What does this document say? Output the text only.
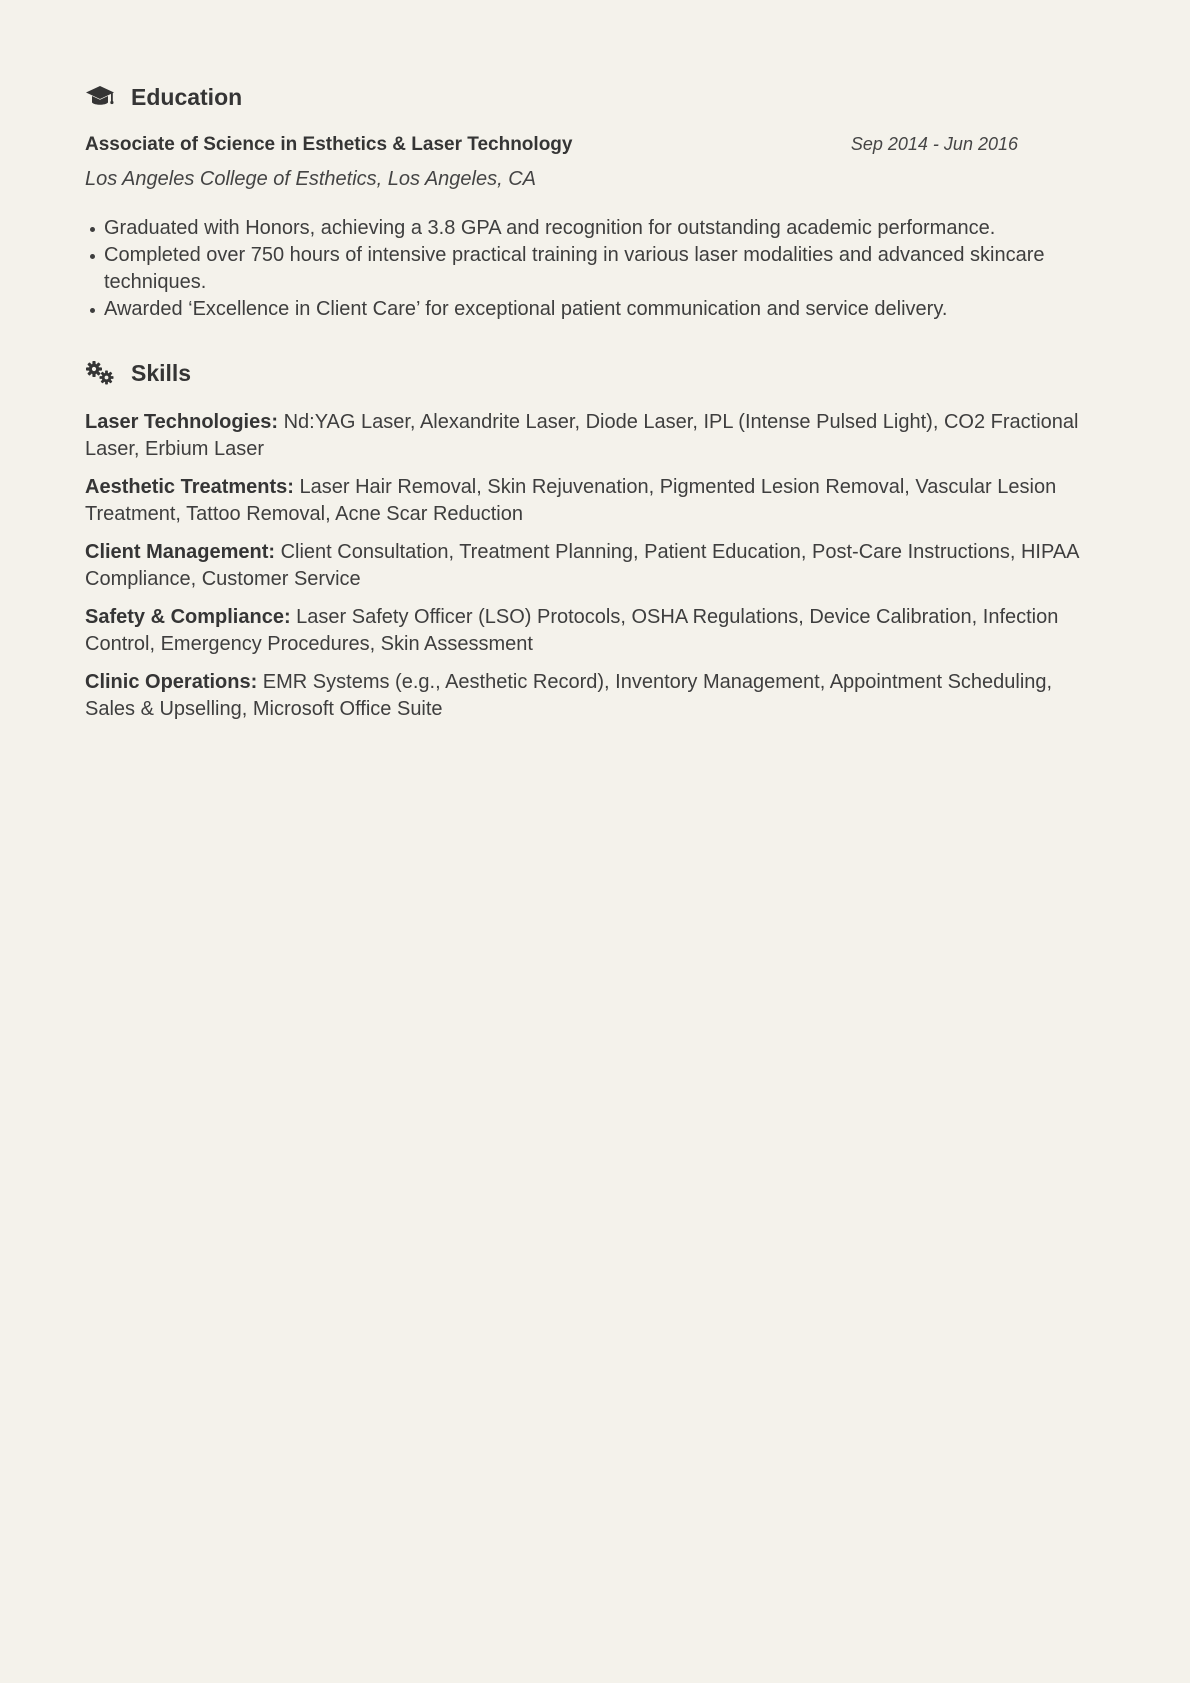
Education
Associate of Science in Esthetics & Laser Technology	Sep 2014 - Jun 2016
Los Angeles College of Esthetics, Los Angeles, CA
Graduated with Honors, achieving a 3.8 GPA and recognition for outstanding academic performance.
Completed over 750 hours of intensive practical training in various laser modalities and advanced skincare techniques.
Awarded ‘Excellence in Client Care’ for exceptional patient communication and service delivery.
Skills

Laser Technologies: Nd:YAG Laser, Alexandrite Laser, Diode Laser, IPL (Intense Pulsed Light), CO2 Fractional Laser, Erbium Laser

Aesthetic Treatments: Laser Hair Removal, Skin Rejuvenation, Pigmented Lesion Removal, Vascular Lesion Treatment, Tattoo Removal, Acne Scar Reduction

Client Management: Client Consultation, Treatment Planning, Patient Education, Post-Care Instructions, HIPAA Compliance, Customer Service

Safety & Compliance: Laser Safety Officer (LSO) Protocols, OSHA Regulations, Device Calibration, Infection Control, Emergency Procedures, Skin Assessment

Clinic Operations: EMR Systems (e.g., Aesthetic Record), Inventory Management, Appointment Scheduling, Sales & Upselling, Microsoft Office Suite
